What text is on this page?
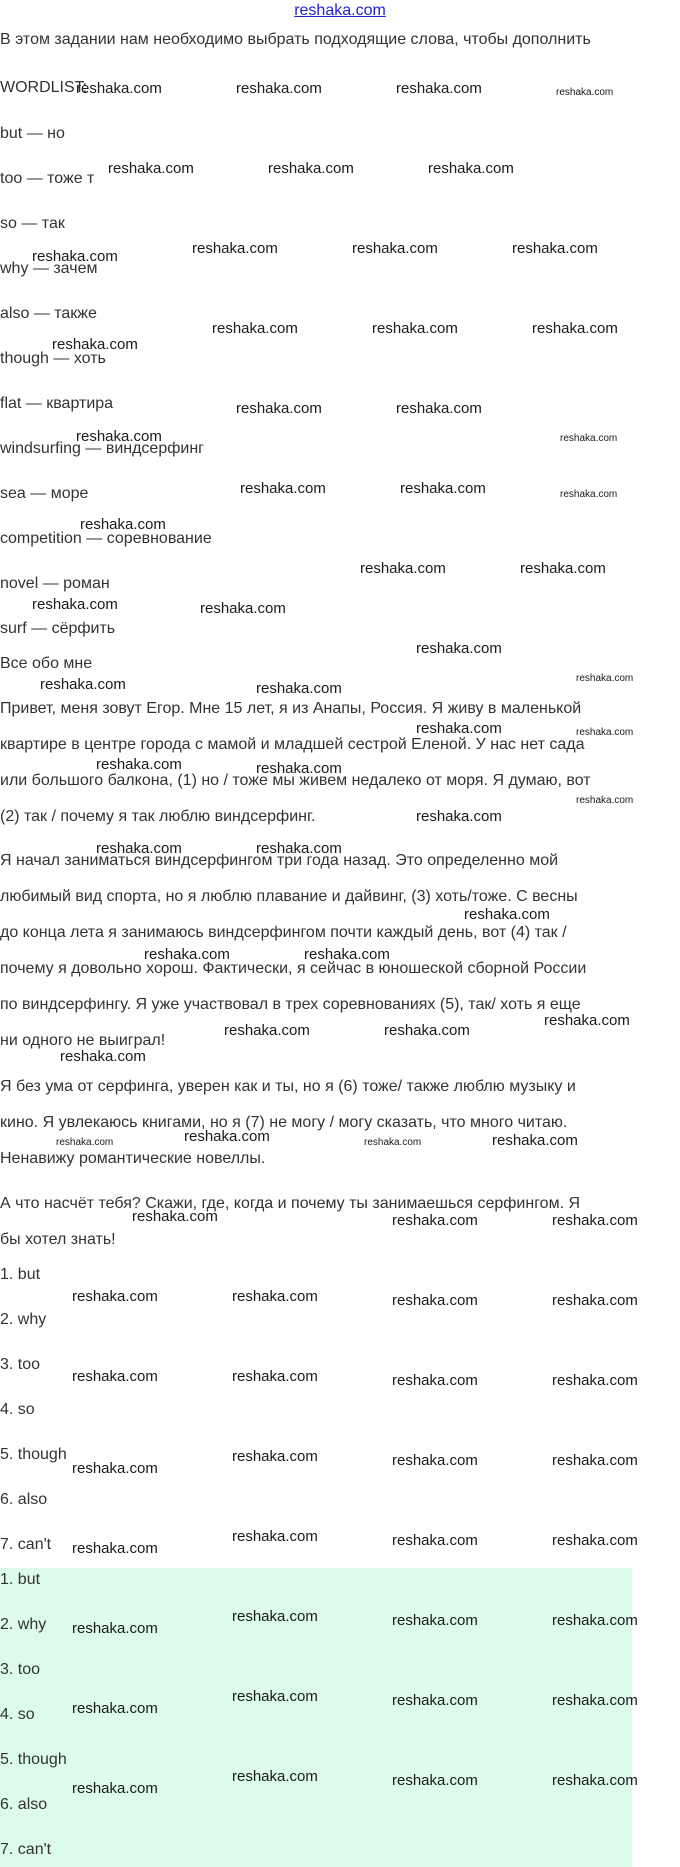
reshaka.com
В этом задании нам необходимо выбрать подходящие слова, чтобы дополнить
WORDLIST:
but — но
too — тоже т
so — так
why — зачем
also — также
though — хоть
flat — квартира
windsurfing — виндсерфинг
sea — море
competition — соревнование
novel — роман
surf — сёрфить
Все обо мне
Привет, меня зовут Егор. Мне 15 лет, я из Анапы, Россия. Я живу в маленькой
квартире в центре города с мамой и младшей сестрой Еленой. У нас нет сада
или большого балкона, (1) но / тоже мы живем недалеко от моря. Я думаю, вот
(2) так / почему я так люблю виндсерфинг.
Я начал заниматься виндсерфингом три года назад. Это определенно мой
любимый вид спорта, но я люблю плавание и дайвинг, (3) хоть/тоже. С весны
до конца лета я занимаюсь виндсерфингом почти каждый день, вот (4) так /
почему я довольно хорош. Фактически, я сейчас в юношеской сборной России
по виндсерфингу. Я уже участвовал в трех соревнованиях (5), так/ хоть я еще
ни одного не выиграл!
Я без ума от серфинга, уверен как и ты, но я (6) тоже/ также люблю музыку и
кино. Я увлекаюсь книгами, но я (7) не могу / могу сказать, что много читаю.
Ненавижу романтические новеллы.
А что насчёт тебя? Скажи, где, когда и почему ты занимаешься серфингом. Я
бы хотел знать!
1. but
2. why
3. too
4. so
5. though
6. also
7. can't
1. but
2. why
3. too
4. so
5. though
6. also
7. can't
reshaka.com	reshaka.com	reshaka.com	reshaka.com
reshaka.com	reshaka.com	reshaka.com
reshaka.com	reshaka.com	reshaka.com	reshaka.com
reshaka.com	reshaka.com	reshaka.com
reshaka.com
reshaka.com	reshaka.com
reshaka.com	reshaka.com
reshaka.com	reshaka.com	reshaka.com
reshaka.com
reshaka.com	reshaka.com
reshaka.com	reshaka.com
reshaka.com
reshaka.com
reshaka.com	reshaka.com
reshaka.com	reshaka.com
reshaka.com	reshaka.com
reshaka.com
reshaka.com	reshaka.com
reshaka.com
reshaka.com
reshaka.com	reshaka.com
reshaka.com	reshaka.com
reshaka.com
reshaka.com
reshaka.com	reshaka.com	reshaka.com	reshaka.com
reshaka.com	reshaka.com	reshaka.com
reshaka.com	reshaka.com	reshaka.com	reshaka.com
reshaka.com	reshaka.com	reshaka.com	reshaka.com
reshaka.com
reshaka.com	reshaka.com	reshaka.com
reshaka.com
reshaka.com	reshaka.com	reshaka.com
reshaka.com
reshaka.com	reshaka.com	reshaka.com
reshaka.com
reshaka.com	reshaka.com	reshaka.com
reshaka.com
reshaka.com	reshaka.com	reshaka.com
